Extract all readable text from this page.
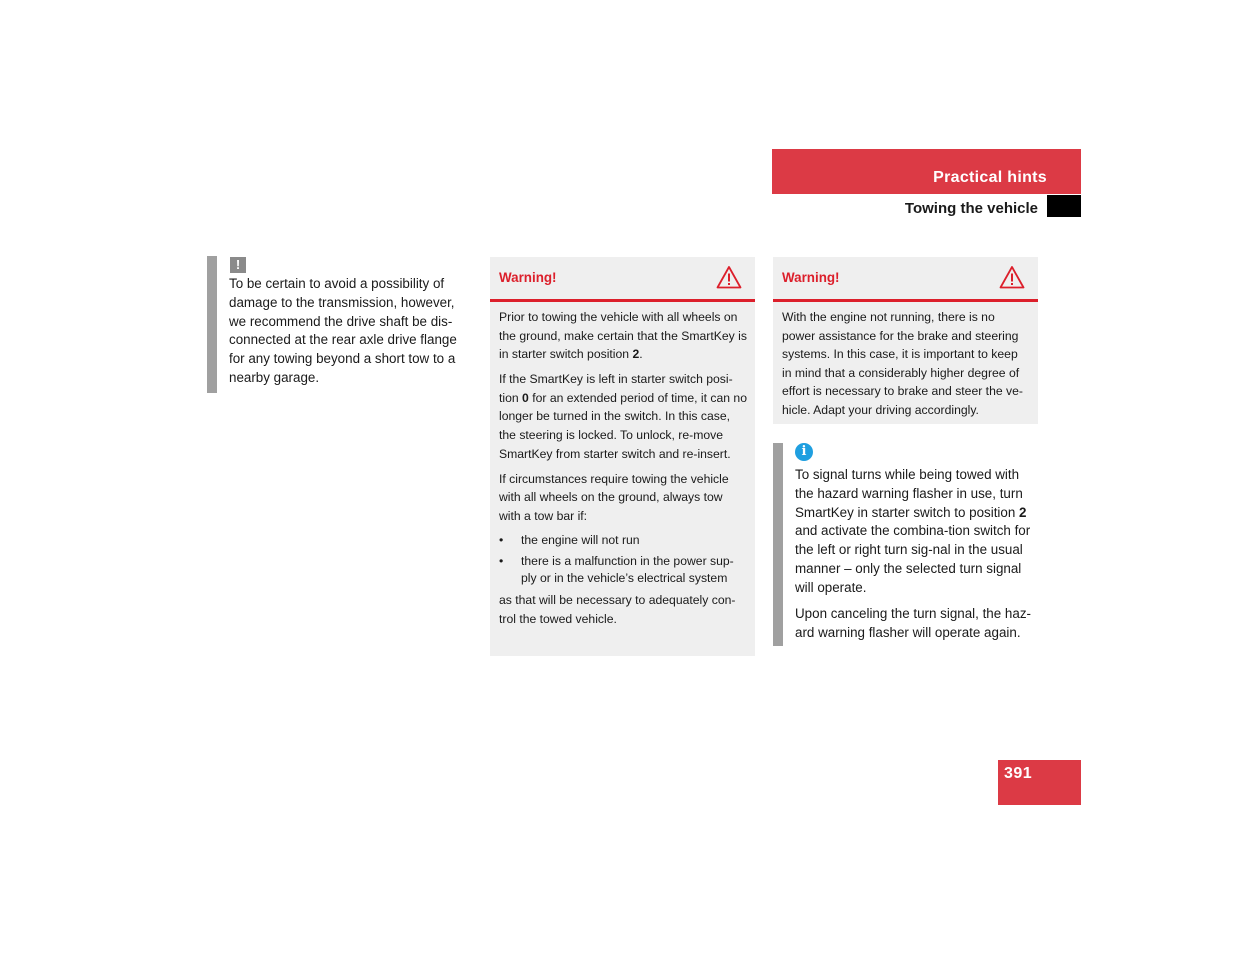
Practical hints
Towing the vehicle
!
To be certain to avoid a possibility of damage to the transmission, however, we recommend the drive shaft be dis-connected at the rear axle drive flange for any towing beyond a short tow to a nearby garage.
Warning!

Prior to towing the vehicle with all wheels on the ground, make certain that the SmartKey is in starter switch position 2.

If the SmartKey is left in starter switch posi-tion 0 for an extended period of time, it can no longer be turned in the switch. In this case, the steering is locked. To unlock, re-move SmartKey from starter switch and re-insert.

If circumstances require towing the vehicle with all wheels on the ground, always tow with a tow bar if:

• the engine will not run
• there is a malfunction in the power sup-ply or in the vehicle’s electrical system

as that will be necessary to adequately con-trol the towed vehicle.

Warning!

With the engine not running, there is no power assistance for the brake and steering systems. In this case, it is important to keep in mind that a considerably higher degree of effort is necessary to brake and steer the ve-hicle. Adapt your driving accordingly.

i

To signal turns while being towed with the hazard warning flasher in use, turn SmartKey in starter switch to position 2 and activate the combina-tion switch for the left or right turn sig-nal in the usual manner – only the selected turn signal will operate.

Upon canceling the turn signal, the haz-ard warning flasher will operate again.

391
